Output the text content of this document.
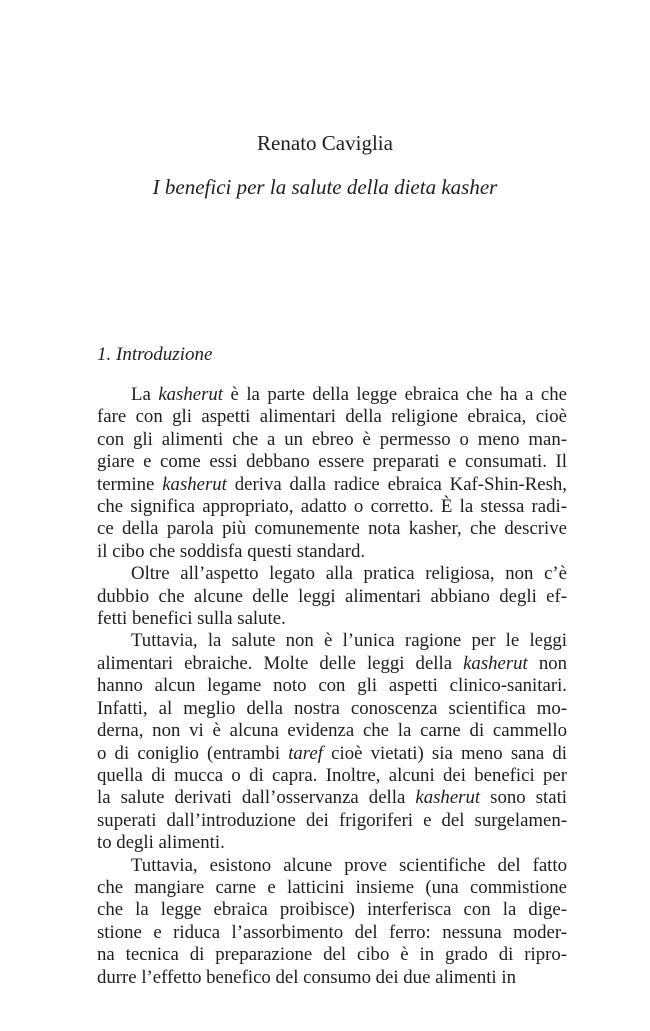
Renato Caviglia
I benefici per la salute della dieta kasher
1. Introduzione
La kasherut è la parte della legge ebraica che ha a che
fare con gli aspetti alimentari della religione ebraica, cioè
con gli alimenti che a un ebreo è permesso o meno man-
giare e come essi debbano essere preparati e consumati. Il
termine kasherut deriva dalla radice ebraica Kaf-Shin-Resh,
che significa appropriato, adatto o corretto. È la stessa radi-
ce della parola più comunemente nota kasher, che descrive
il cibo che soddisfa questi standard.
Oltre all’aspetto legato alla pratica religiosa, non c’è
dubbio che alcune delle leggi alimentari abbiano degli ef-
fetti benefici sulla salute.
Tuttavia, la salute non è l’unica ragione per le leggi
alimentari ebraiche. Molte delle leggi della kasherut non
hanno alcun legame noto con gli aspetti clinico-sanitari.
Infatti, al meglio della nostra conoscenza scientifica mo-
derna, non vi è alcuna evidenza che la carne di cammello
o di coniglio (entrambi taref cioè vietati) sia meno sana di
quella di mucca o di capra. Inoltre, alcuni dei benefici per
la salute derivati dall’osservanza della kasherut sono stati
superati dall’introduzione dei frigoriferi e del surgelamen-
to degli alimenti.
Tuttavia, esistono alcune prove scientifiche del fatto
che mangiare carne e latticini insieme (una commistione
che la legge ebraica proibisce) interferisca con la dige-
stione e riduca l’assorbimento del ferro: nessuna moder-
na tecnica di preparazione del cibo è in grado di ripro-
durre l’effetto benefico del consumo dei due alimenti in
